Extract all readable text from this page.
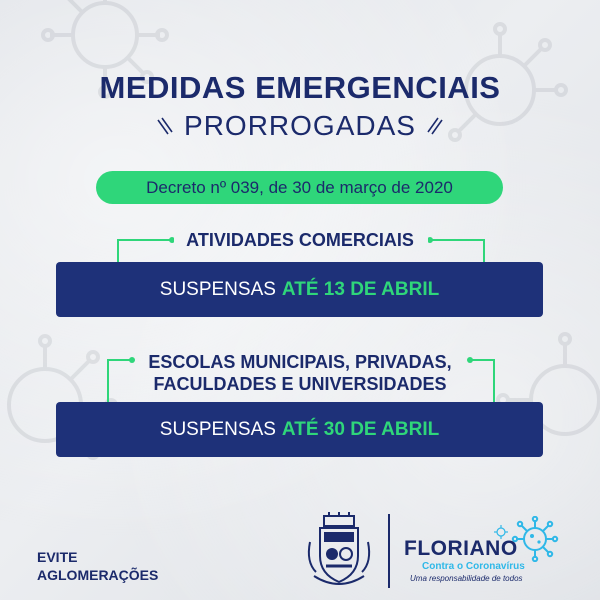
MEDIDAS EMERGENCIAIS
PRORROGADAS
Decreto nº 039, de 30 de março de 2020
ATIVIDADES COMERCIAIS
SUSPENSAS ATÉ 13 DE ABRIL
ESCOLAS MUNICIPAIS, PRIVADAS,
FACULDADES E UNIVERSIDADES
SUSPENSAS ATÉ 30 DE ABRIL
EVITE
AGLOMERAÇÕES
FLORIANO
Contra o Coronavírus
Uma responsabilidade de todos
